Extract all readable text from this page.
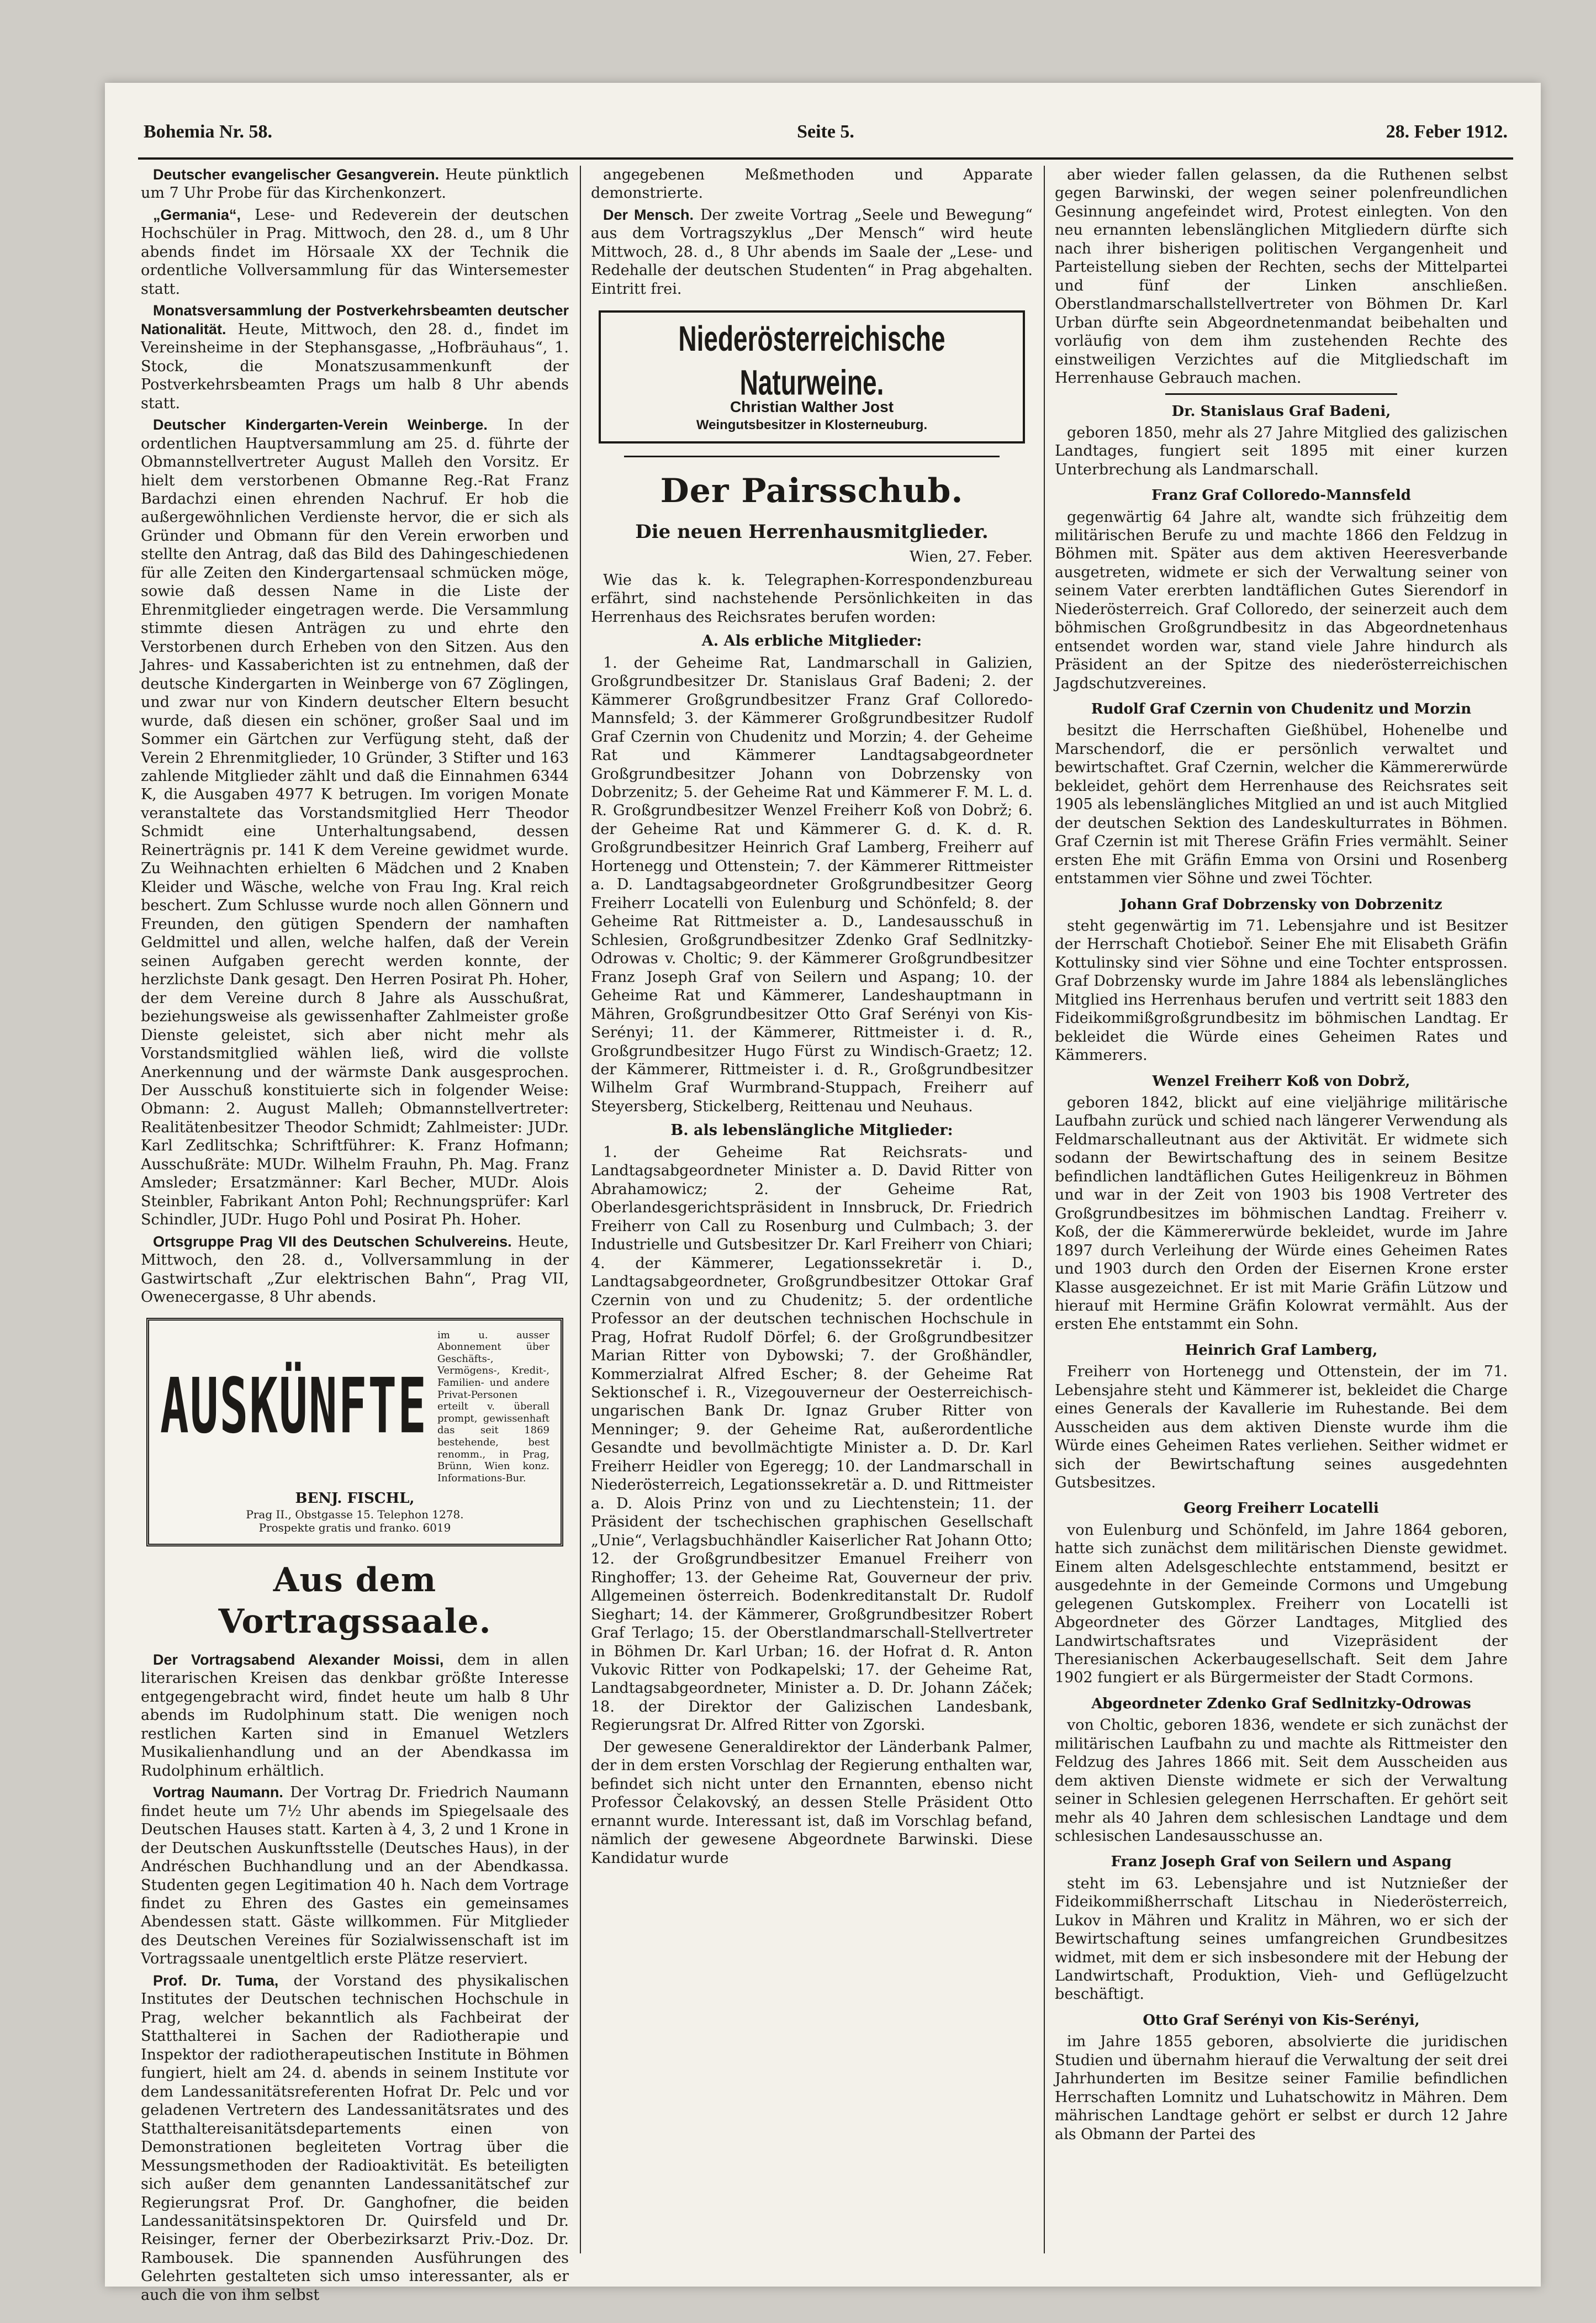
Bohemia Nr. 58.	Seite 5.	28. Feber 1912.

Deutscher evangelischer Gesangverein. Heute pünktlich um 7 Uhr Probe für das Kirchenkonzert.

„Germania“, Lese- und Redeverein der deutschen Hochschüler in Prag. Mittwoch, den 28. d., um 8 Uhr abends findet im Hörsaale XX der Technik die ordentliche Vollversammlung für das Wintersemester statt.

Monatsversammlung der Postverkehrsbeamten deutscher Nationalität. Heute, Mittwoch, den 28. d., findet im Vereinsheime in der Stephansgasse, „Hofbräuhaus“, 1. Stock, die Monatszusammenkunft der Postverkehrsbeamten Prags um halb 8 Uhr abends statt.

Deutscher Kindergarten-Verein Weinberge. In der ordentlichen Hauptversammlung am 25. d. führte der Obmannstellvertreter August Malleh den Vorsitz. Er hielt dem verstorbenen Obmanne Reg.-Rat Franz Bardachzi einen ehrenden Nachruf. Er hob die außergewöhnlichen Verdienste hervor, die er sich als Gründer und Obmann für den Verein erworben und stellte den Antrag, daß das Bild des Dahingeschiedenen für alle Zeiten den Kindergartensaal schmücken möge, sowie daß dessen Name in die Liste der Ehrenmitglieder eingetragen werde. Die Versammlung stimmte diesen Anträgen zu und ehrte den Verstorbenen durch Erheben von den Sitzen. Aus den Jahres- und Kassaberichten ist zu entnehmen, daß der deutsche Kindergarten in Weinberge von 67 Zöglingen, und zwar nur von Kindern deutscher Eltern besucht wurde, daß diesen ein schöner, großer Saal und im Sommer ein Gärtchen zur Verfügung steht, daß der Verein 2 Ehrenmitglieder, 10 Gründer, 3 Stifter und 163 zahlende Mitglieder zählt und daß die Einnahmen 6344 K, die Ausgaben 4977 K betrugen. Im vorigen Monate veranstaltete das Vorstandsmitglied Herr Theodor Schmidt eine Unterhaltungsabend, dessen Reinerträgnis pr. 141 K dem Vereine gewidmet wurde. Zu Weihnachten erhielten 6 Mädchen und 2 Knaben Kleider und Wäsche, welche von Frau Ing. Kral reich beschert. Zum Schlusse wurde noch allen Gönnern und Freunden, den gütigen Spendern der namhaften Geldmittel und allen, welche halfen, daß der Verein seinen Aufgaben gerecht werden konnte, der herzlichste Dank gesagt. Den Herren Posirat Ph. Hoher, der dem Vereine durch 8 Jahre als Ausschußrat, beziehungsweise als gewissenhafter Zahlmeister große Dienste geleistet, sich aber nicht mehr als Vorstandsmitglied wählen ließ, wird die vollste Anerkennung und der wärmste Dank ausgesprochen. Der Ausschuß konstituierte sich in folgender Weise: Obmann: 2. August Malleh; Obmannstellvertreter: Realitätenbesitzer Theodor Schmidt; Zahlmeister: JUDr. Karl Zedlitschka; Schriftführer: K. Franz Hofmann; Ausschußräte: MUDr. Wilhelm Frauhn, Ph. Mag. Franz Amsleder; Ersatzmänner: Karl Becher, MUDr. Alois Steinbler, Fabrikant Anton Pohl; Rechnungsprüfer: Karl Schindler, JUDr. Hugo Pohl und Posirat Ph. Hoher.

Ortsgruppe Prag VII des Deutschen Schulvereins. Heute, Mittwoch, den 28. d., Vollversammlung in der Gastwirtschaft „Zur elektrischen Bahn“, Prag VII, Owenecergasse, 8 Uhr abends.

AUSKÜNFTE
im u. ausser Abonnement über Geschäfts-, Vermögens-, Kredit-, Familien- und andere Privat-Personen erteilt v. überall prompt, gewissenhaft das seit 1869 bestehende, best renomm., in Prag, Brünn, Wien konz. Informations-Bur.
BENJ. FISCHL,
Prag II., Obstgasse 15. Telephon 1278.
Prospekte gratis und franko. 6019
Aus dem Vortragssaale.

Der Vortragsabend Alexander Moissi, dem in allen literarischen Kreisen das denkbar größte Interesse entgegengebracht wird, findet heute um halb 8 Uhr abends im Rudolphinum statt. Die wenigen noch restlichen Karten sind in Emanuel Wetzlers Musikalienhandlung und an der Abendkassa im Rudolphinum erhältlich.

Vortrag Naumann. Der Vortrag Dr. Friedrich Naumann findet heute um 7½ Uhr abends im Spiegelsaale des Deutschen Hauses statt. Karten à 4, 3, 2 und 1 Krone in der Deutschen Auskunftsstelle (Deutsches Haus), in der Andréschen Buchhandlung und an der Abendkassa. Studenten gegen Legitimation 40 h. Nach dem Vortrage findet zu Ehren des Gastes ein gemeinsames Abendessen statt. Gäste willkommen. Für Mitglieder des Deutschen Vereines für Sozialwissenschaft ist im Vortragssaale unentgeltlich erste Plätze reserviert.

Prof. Dr. Tuma, der Vorstand des physikalischen Institutes der Deutschen technischen Hochschule in Prag, welcher bekanntlich als Fachbeirat der Statthalterei in Sachen der Radiotherapie und Inspektor der radiotherapeutischen Institute in Böhmen fungiert, hielt am 24. d. abends in seinem Institute vor dem Landessanitätsreferenten Hofrat Dr. Pelc und vor geladenen Vertretern des Landessanitätsrates und des Statthaltereisanitätsdepartements einen von Demonstrationen begleiteten Vortrag über die Messungsmethoden der Radioaktivität. Es beteiligten sich außer dem genannten Landessanitätschef zur Regierungsrat Prof. Dr. Ganghofner, die beiden Landessanitätsinspektoren Dr. Quirsfeld und Dr. Reisinger, ferner der Oberbezirksarzt Priv.-Doz. Dr. Rambousek. Die spannenden Ausführungen des Gelehrten gestalteten sich umso interessanter, als er auch die von ihm selbst

angegebenen Meßmethoden und Apparate demonstrierte.

Der Mensch. Der zweite Vortrag „Seele und Bewegung“ aus dem Vortragszyklus „Der Mensch“ wird heute Mittwoch, 28. d., 8 Uhr abends im Saale der „Lese- und Redehalle der deutschen Studenten“ in Prag abgehalten. Eintritt frei.

Niederösterreichische Naturweine.
Christian Walther Jost
Weingutsbesitzer in Klosterneuburg.
Der Pairsschub.
Die neuen Herrenhausmitglieder.
Wien, 27. Feber.

Wie das k. k. Telegraphen-Korrespondenzbureau erfährt, sind nachstehende Persönlichkeiten in das Herrenhaus des Reichsrates berufen worden:

A. Als erbliche Mitglieder:

1. der Geheime Rat, Landmarschall in Galizien, Großgrundbesitzer Dr. Stanislaus Graf Badeni; 2. der Kämmerer Großgrundbesitzer Franz Graf Colloredo-Mannsfeld; 3. der Kämmerer Großgrundbesitzer Rudolf Graf Czernin von Chudenitz und Morzin; 4. der Geheime Rat und Kämmerer Landtagsabgeordneter Großgrundbesitzer Johann von Dobrzensky von Dobrzenitz; 5. der Geheime Rat und Kämmerer F. M. L. d. R. Großgrundbesitzer Wenzel Freiherr Koß von Dobrž; 6. der Geheime Rat und Kämmerer G. d. K. d. R. Großgrundbesitzer Heinrich Graf Lamberg, Freiherr auf Hortenegg und Ottenstein; 7. der Kämmerer Rittmeister a. D. Landtagsabgeordneter Großgrundbesitzer Georg Freiherr Locatelli von Eulenburg und Schönfeld; 8. der Geheime Rat Rittmeister a. D., Landesausschuß in Schlesien, Großgrundbesitzer Zdenko Graf Sedlnitzky-Odrowas v. Choltic; 9. der Kämmerer Großgrundbesitzer Franz Joseph Graf von Seilern und Aspang; 10. der Geheime Rat und Kämmerer, Landeshauptmann in Mähren, Großgrundbesitzer Otto Graf Serényi von Kis-Serényi; 11. der Kämmerer, Rittmeister i. d. R., Großgrundbesitzer Hugo Fürst zu Windisch-Graetz; 12. der Kämmerer, Rittmeister i. d. R., Großgrundbesitzer Wilhelm Graf Wurmbrand-Stuppach, Freiherr auf Steyersberg, Stickelberg, Reittenau und Neuhaus.

B. als lebenslängliche Mitglieder:

1. der Geheime Rat Reichsrats- und Landtagsabgeordneter Minister a. D. David Ritter von Abrahamowicz; 2. der Geheime Rat, Oberlandesgerichtspräsident in Innsbruck, Dr. Friedrich Freiherr von Call zu Rosenburg und Culmbach; 3. der Industrielle und Gutsbesitzer Dr. Karl Freiherr von Chiari; 4. der Kämmerer, Legationssekretär i. D., Landtagsabgeordneter, Großgrundbesitzer Ottokar Graf Czernin von und zu Chudenitz; 5. der ordentliche Professor an der deutschen technischen Hochschule in Prag, Hofrat Rudolf Dörfel; 6. der Großgrundbesitzer Marian Ritter von Dybowski; 7. der Großhändler, Kommerzialrat Alfred Escher; 8. der Geheime Rat Sektionschef i. R., Vizegouverneur der Oesterreichisch-ungarischen Bank Dr. Ignaz Gruber Ritter von Menninger; 9. der Geheime Rat, außerordentliche Gesandte und bevollmächtigte Minister a. D. Dr. Karl Freiherr Heidler von Egeregg; 10. der Landmarschall in Niederösterreich, Legationssekretär a. D. und Rittmeister a. D. Alois Prinz von und zu Liechtenstein; 11. der Präsident der tschechischen graphischen Gesellschaft „Unie“, Verlagsbuchhändler Kaiserlicher Rat Johann Otto; 12. der Großgrundbesitzer Emanuel Freiherr von Ringhoffer; 13. der Geheime Rat, Gouverneur der priv. Allgemeinen österreich. Bodenkreditanstalt Dr. Rudolf Sieghart; 14. der Kämmerer, Großgrundbesitzer Robert Graf Terlago; 15. der Oberstlandmarschall-Stellvertreter in Böhmen Dr. Karl Urban; 16. der Hofrat d. R. Anton Vukovic Ritter von Podkapelski; 17. der Geheime Rat, Landtagsabgeordneter, Minister a. D. Dr. Johann Záček; 18. der Direktor der Galizischen Landesbank, Regierungsrat Dr. Alfred Ritter von Zgorski.

Der gewesene Generaldirektor der Länderbank Palmer, der in dem ersten Vorschlag der Regierung enthalten war, befindet sich nicht unter den Ernannten, ebenso nicht Professor Čelakovský, an dessen Stelle Präsident Otto ernannt wurde. Interessant ist, daß im Vorschlag befand, nämlich der gewesene Abgeordnete Barwinski. Diese Kandidatur wurde

aber wieder fallen gelassen, da die Ruthenen selbst gegen Barwinski, der wegen seiner polenfreundlichen Gesinnung angefeindet wird, Protest einlegten. Von den neu ernannten lebenslänglichen Mitgliedern dürfte sich nach ihrer bisherigen politischen Vergangenheit und Parteistellung sieben der Rechten, sechs der Mittelpartei und fünf der Linken anschließen. Oberstlandmarschallstellvertreter von Böhmen Dr. Karl Urban dürfte sein Abgeordnetenmandat beibehalten und vorläufig von dem ihm zustehenden Rechte des einstweiligen Verzichtes auf die Mitgliedschaft im Herrenhause Gebrauch machen.

Dr. Stanislaus Graf Badeni,

geboren 1850, mehr als 27 Jahre Mitglied des galizischen Landtages, fungiert seit 1895 mit einer kurzen Unterbrechung als Landmarschall.

Franz Graf Colloredo-Mannsfeld

gegenwärtig 64 Jahre alt, wandte sich frühzeitig dem militärischen Berufe zu und machte 1866 den Feldzug in Böhmen mit. Später aus dem aktiven Heeresverbande ausgetreten, widmete er sich der Verwaltung seiner von seinem Vater ererbten landtäflichen Gutes Sierendorf in Niederösterreich. Graf Colloredo, der seinerzeit auch dem böhmischen Großgrundbesitz in das Abgeordnetenhaus entsendet worden war, stand viele Jahre hindurch als Präsident an der Spitze des niederösterreichischen Jagdschutzvereines.

Rudolf Graf Czernin von Chudenitz und Morzin

besitzt die Herrschaften Gießhübel, Hohenelbe und Marschendorf, die er persönlich verwaltet und bewirtschaftet. Graf Czernin, welcher die Kämmererwürde bekleidet, gehört dem Herrenhause des Reichsrates seit 1905 als lebenslängliches Mitglied an und ist auch Mitglied der deutschen Sektion des Landeskulturrates in Böhmen. Graf Czernin ist mit Therese Gräfin Fries vermählt. Seiner ersten Ehe mit Gräfin Emma von Orsini und Rosenberg entstammen vier Söhne und zwei Töchter.

Johann Graf Dobrzensky von Dobrzenitz

steht gegenwärtig im 71. Lebensjahre und ist Besitzer der Herrschaft Chotieboř. Seiner Ehe mit Elisabeth Gräfin Kottulinsky sind vier Söhne und eine Tochter entsprossen. Graf Dobrzensky wurde im Jahre 1884 als lebenslängliches Mitglied ins Herrenhaus berufen und vertritt seit 1883 den Fideikommißgroßgrundbesitz im böhmischen Landtag. Er bekleidet die Würde eines Geheimen Rates und Kämmerers.

Wenzel Freiherr Koß von Dobrž,

geboren 1842, blickt auf eine vieljährige militärische Laufbahn zurück und schied nach längerer Verwendung als Feldmarschalleutnant aus der Aktivität. Er widmete sich sodann der Bewirtschaftung des in seinem Besitze befindlichen landtäflichen Gutes Heiligenkreuz in Böhmen und war in der Zeit von 1903 bis 1908 Vertreter des Großgrundbesitzes im böhmischen Landtag. Freiherr v. Koß, der die Kämmererwürde bekleidet, wurde im Jahre 1897 durch Verleihung der Würde eines Geheimen Rates und 1903 durch den Orden der Eisernen Krone erster Klasse ausgezeichnet. Er ist mit Marie Gräfin Lützow und hierauf mit Hermine Gräfin Kolowrat vermählt. Aus der ersten Ehe entstammt ein Sohn.

Heinrich Graf Lamberg,

Freiherr von Hortenegg und Ottenstein, der im 71. Lebensjahre steht und Kämmerer ist, bekleidet die Charge eines Generals der Kavallerie im Ruhestande. Bei dem Ausscheiden aus dem aktiven Dienste wurde ihm die Würde eines Geheimen Rates verliehen. Seither widmet er sich der Bewirtschaftung seines ausgedehnten Gutsbesitzes.

Georg Freiherr Locatelli

von Eulenburg und Schönfeld, im Jahre 1864 geboren, hatte sich zunächst dem militärischen Dienste gewidmet. Einem alten Adelsgeschlechte entstammend, besitzt er ausgedehnte in der Gemeinde Cormons und Umgebung gelegenen Gutskomplex. Freiherr von Locatelli ist Abgeordneter des Görzer Landtages, Mitglied des Landwirtschaftsrates und Vizepräsident der Theresianischen Ackerbaugesellschaft. Seit dem Jahre 1902 fungiert er als Bürgermeister der Stadt Cormons.

Abgeordneter Zdenko Graf Sedlnitzky-Odrowas

von Choltic, geboren 1836, wendete er sich zunächst der militärischen Laufbahn zu und machte als Rittmeister den Feldzug des Jahres 1866 mit. Seit dem Ausscheiden aus dem aktiven Dienste widmete er sich der Verwaltung seiner in Schlesien gelegenen Herrschaften. Er gehört seit mehr als 40 Jahren dem schlesischen Landtage und dem schlesischen Landesausschusse an.

Franz Joseph Graf von Seilern und Aspang

steht im 63. Lebensjahre und ist Nutznießer der Fideikommißherrschaft Litschau in Niederösterreich, Lukov in Mähren und Kralitz in Mähren, wo er sich der Bewirtschaftung seines umfangreichen Grundbesitzes widmet, mit dem er sich insbesondere mit der Hebung der Landwirtschaft, Produktion, Vieh- und Geflügelzucht beschäftigt.

Otto Graf Serényi von Kis-Serényi,

im Jahre 1855 geboren, absolvierte die juridischen Studien und übernahm hierauf die Verwaltung der seit drei Jahrhunderten im Besitze seiner Familie befindlichen Herrschaften Lomnitz und Luhatschowitz in Mähren. Dem mährischen Landtage gehört er selbst er durch 12 Jahre als Obmann der Partei des
